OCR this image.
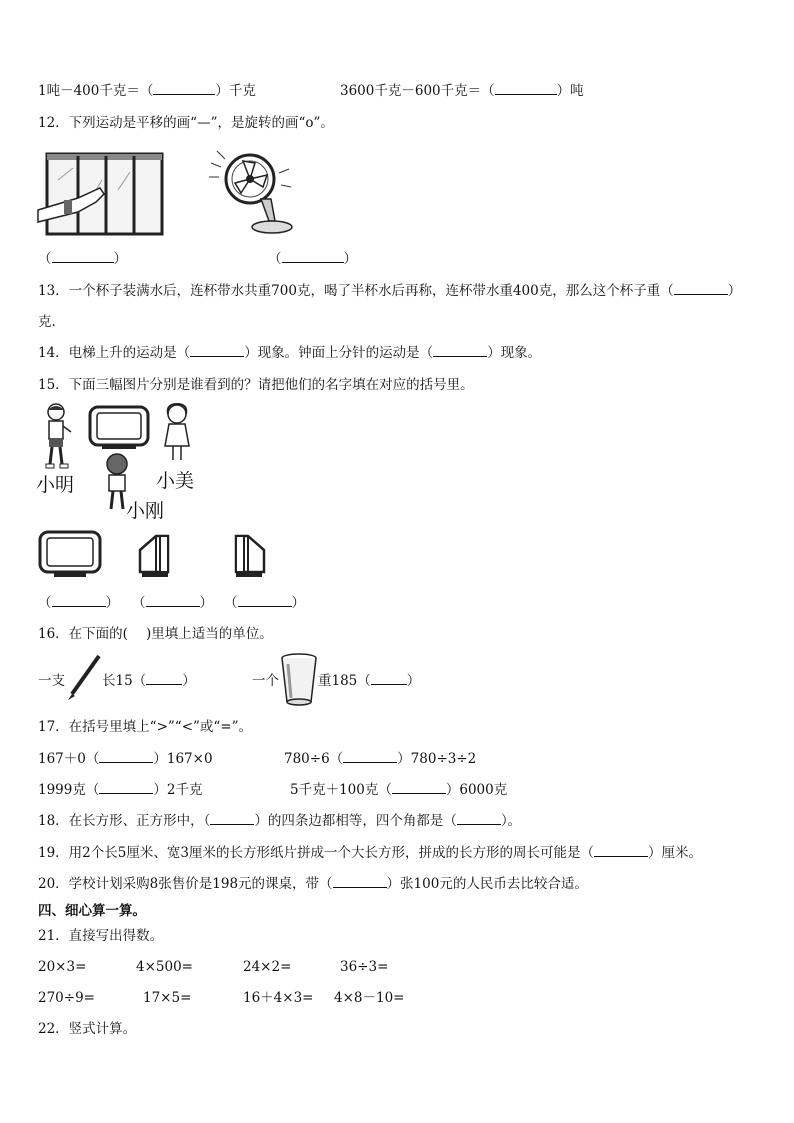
1吨－400千克＝（	）千克	3600千克－600千克＝（	）吨
12．下列运动是平移的画“—”，是旋转的画“o”。
（	）	（	）
13．一个杯子装满水后，连杯带水共重700克，喝了半杯水后再称，连杯带水重400克，那么这个杯子重（	）
克.
14．电梯上升的运动是（	）现象。钟面上分针的运动是（	）现象。
15．下面三幅图片分别是谁看到的？请把他们的名字填在对应的括号里。
小明	小美
小刚
（	） （	） （	）
16．在下面的( )里填上适当的单位。
一支	长15（	）	一个	重185（	）
17．在括号里填上“>”“<”或“=”。
167＋0（	）167×0	780÷6（	）780÷3÷2
1999克（	）2千克	5千克＋100克（	）6000克
18．在长方形、正方形中，（	）的四条边都相等，四个角都是（	）。
19．用2个长5厘米、宽3厘米的长方形纸片拼成一个大长方形，拼成的长方形的周长可能是（	）厘米。
20．学校计划采购8张售价是198元的课桌，带（	）张100元的人民币去比较合适。
四、细心算一算。
21．直接写出得数。
20×3=	4×500=	24×2=	36÷3=
270÷9=	17×5=	16＋4×3= 4×8－10=
22．竖式计算。
